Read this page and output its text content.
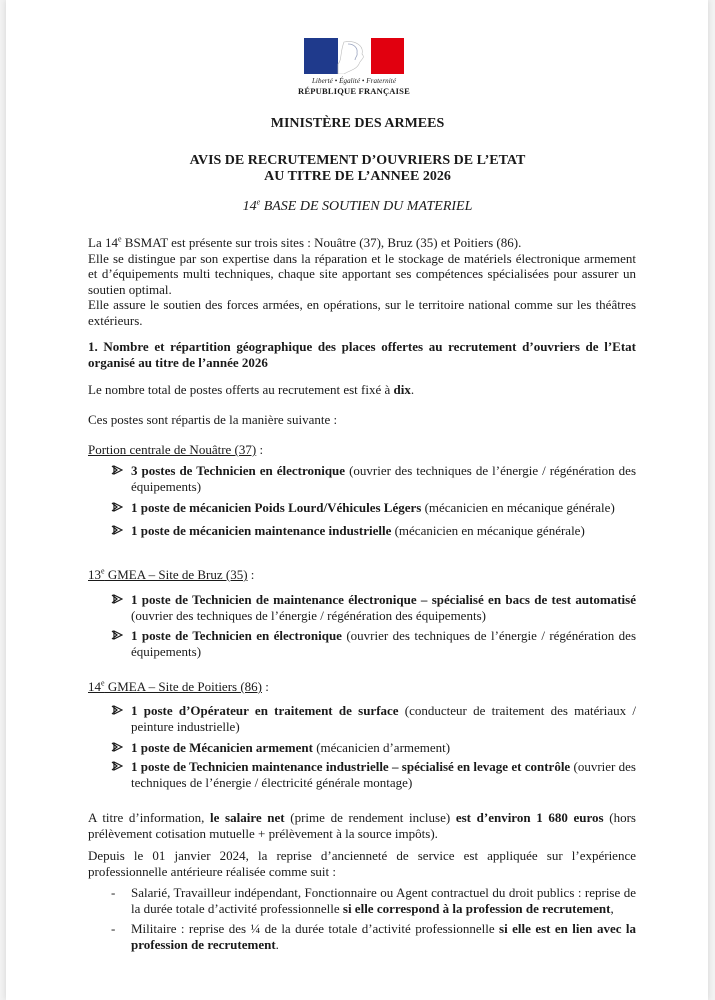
Liberté • Égalité • Fraternité
RÉPUBLIQUE FRANÇAISE
MINISTÈRE DES ARMEES
AVIS DE RECRUTEMENT D’OUVRIERS DE L’ETAT
AU TITRE DE L’ANNEE 2026
14e BASE DE SOUTIEN DU MATERIEL
La 14e BSMAT est présente sur trois sites : Nouâtre (37), Bruz (35) et Poitiers (86).
Elle se distingue par son expertise dans la réparation et le stockage de matériels électronique armement et d’équipements multi techniques, chaque site apportant ses compétences spécialisées pour assurer un soutien optimal.
Elle assure le soutien des forces armées, en opérations, sur le territoire national comme sur les théâtres extérieurs.
1. Nombre et répartition géographique des places offertes au recrutement d’ouvriers de l’Etat organisé au titre de l’année 2026
Le nombre total de postes offerts au recrutement est fixé à dix.
Ces postes sont répartis de la manière suivante :
Portion centrale de Nouâtre (37) :
3 postes de Technicien en électronique (ouvrier des techniques de l’énergie / régénération des équipements)
1 poste de mécanicien Poids Lourd/Véhicules Légers (mécanicien en mécanique générale)
1 poste de mécanicien maintenance industrielle (mécanicien en mécanique générale)
13e GMEA – Site de Bruz (35) :
1 poste de Technicien de maintenance électronique – spécialisé en bacs de test automatisé (ouvrier des techniques de l’énergie / régénération des équipements)
1 poste de Technicien en électronique (ouvrier des techniques de l’énergie / régénération des équipements)
14e GMEA – Site de Poitiers (86) :
1 poste d’Opérateur en traitement de surface (conducteur de traitement des matériaux / peinture industrielle)
1 poste de Mécanicien armement (mécanicien d’armement)
1 poste de Technicien maintenance industrielle – spécialisé en levage et contrôle (ouvrier des techniques de l’énergie / électricité générale montage)
A titre d’information, le salaire net (prime de rendement incluse) est d’environ 1 680 euros (hors prélèvement cotisation mutuelle + prélèvement à la source impôts).
Depuis le 01 janvier 2024, la reprise d’ancienneté de service est appliquée sur l’expérience professionnelle antérieure réalisée comme suit :
- Salarié, Travailleur indépendant, Fonctionnaire ou Agent contractuel du droit publics : reprise de la durée totale d’activité professionnelle si elle correspond à la profession de recrutement,
- Militaire : reprise des ¼ de la durée totale d’activité professionnelle si elle est en lien avec la profession de recrutement.
